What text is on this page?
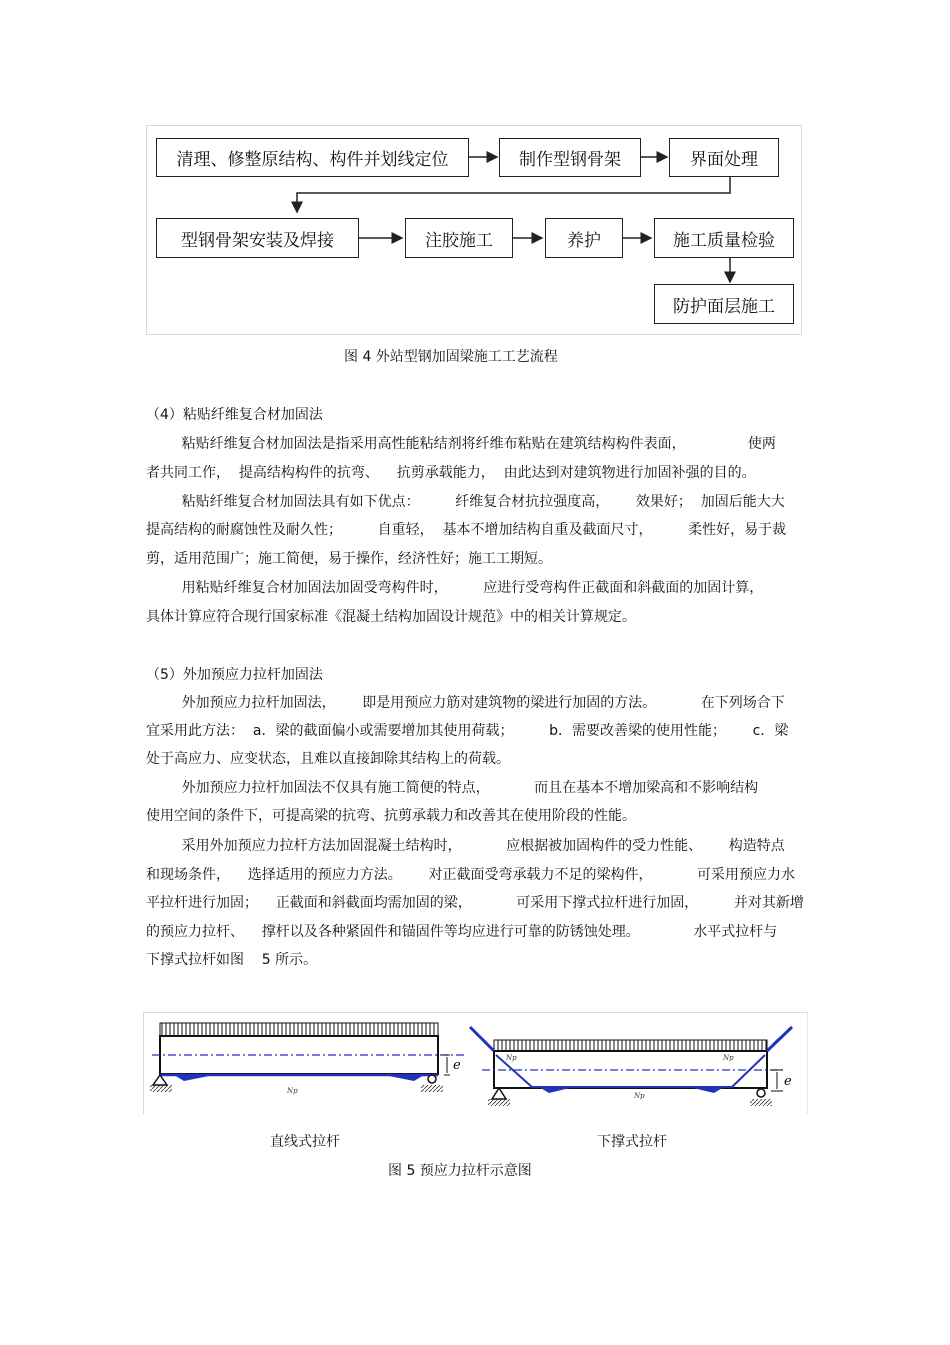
清理、修整原结构、构件并划线定位	制作型钢骨架	界面处理
型钢骨架安装及焊接	注胶施工	养护	施工质量检验
防护面层施工
图 4 外站型钢加固梁施工工艺流程
（4）粘贴纤维复合材加固法
粘贴纤维复合材加固法是指采用高性能粘结剂将纤维布粘贴在建筑结构构件表面，              使两
者共同工作，  提高结构构件的抗弯、    抗剪承载能力，  由此达到对建筑物进行加固补强的目的。
粘贴纤维复合材加固法具有如下优点：        纤维复合材抗拉强度高，      效果好；  加固后能大大
提高结构的耐腐蚀性及耐久性；        自重轻，  基本不增加结构自重及截面尺寸，        柔性好，易于裁
剪，适用范围广；施工简便，易于操作，经济性好；施工工期短。
用粘贴纤维复合材加固法加固受弯构件时，        应进行受弯构件正截面和斜截面的加固计算，
具体计算应符合现行国家标准《混凝土结构加固设计规范》中的相关计算规定。
（5）外加预应力拉杆加固法
外加预应力拉杆加固法，      即是用预应力筋对建筑物的梁进行加固的方法。          在下列场合下
宜采用此方法：  a．梁的截面偏小或需要增加其使用荷载；        b．需要改善梁的使用性能；      c．梁
处于高应力、应变状态，且难以直接卸除其结构上的荷载。
外加预应力拉杆加固法不仅具有施工简便的特点，          而且在基本不增加梁高和不影响结构
使用空间的条件下，可提高梁的抗弯、抗剪承载力和改善其在使用阶段的性能。
采用外加预应力拉杆方法加固混凝土结构时，          应根据被加固构件的受力性能、      构造特点
和现场条件，    选择适用的预应力方法。      对正截面受弯承载力不足的梁构件，          可采用预应力水
平拉杆进行加固；    正截面和斜截面均需加固的梁，          可采用下撑式拉杆进行加固，        并对其新增
的预应力拉杆、    撑杆以及各种紧固件和锚固件等均应进行可靠的防锈蚀处理。            水平式拉杆与
下撑式拉杆如图    5 所示。
Np
e	Np	Np
Np
e
直线式拉杆	下撑式拉杆
图 5 预应力拉杆示意图
